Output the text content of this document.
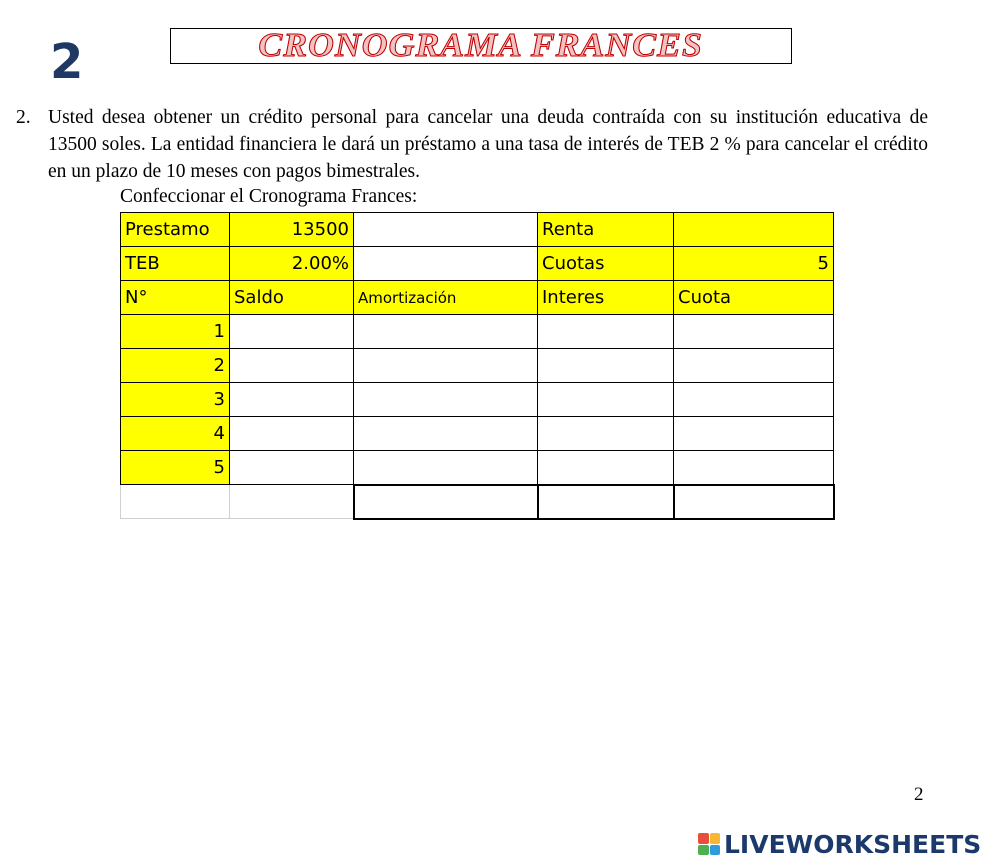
2	CRONOGRAMA FRANCES
2. Usted desea obtener un crédito personal para cancelar una deuda contraída con su institución educativa de 13500 soles. La entidad financiera le dará un préstamo a una tasa de interés de TEB 2 % para cancelar el crédito en un plazo de 10 meses con pagos bimestrales.
Confeccionar el Cronograma Frances:
Prestamo	13500		Renta	
TEB	2.00%		Cuotas	5
N°	Saldo	Amortización	Interes	Cuota
1				
2				
3				
4				
5				

2
LIVEWORKSHEETS
